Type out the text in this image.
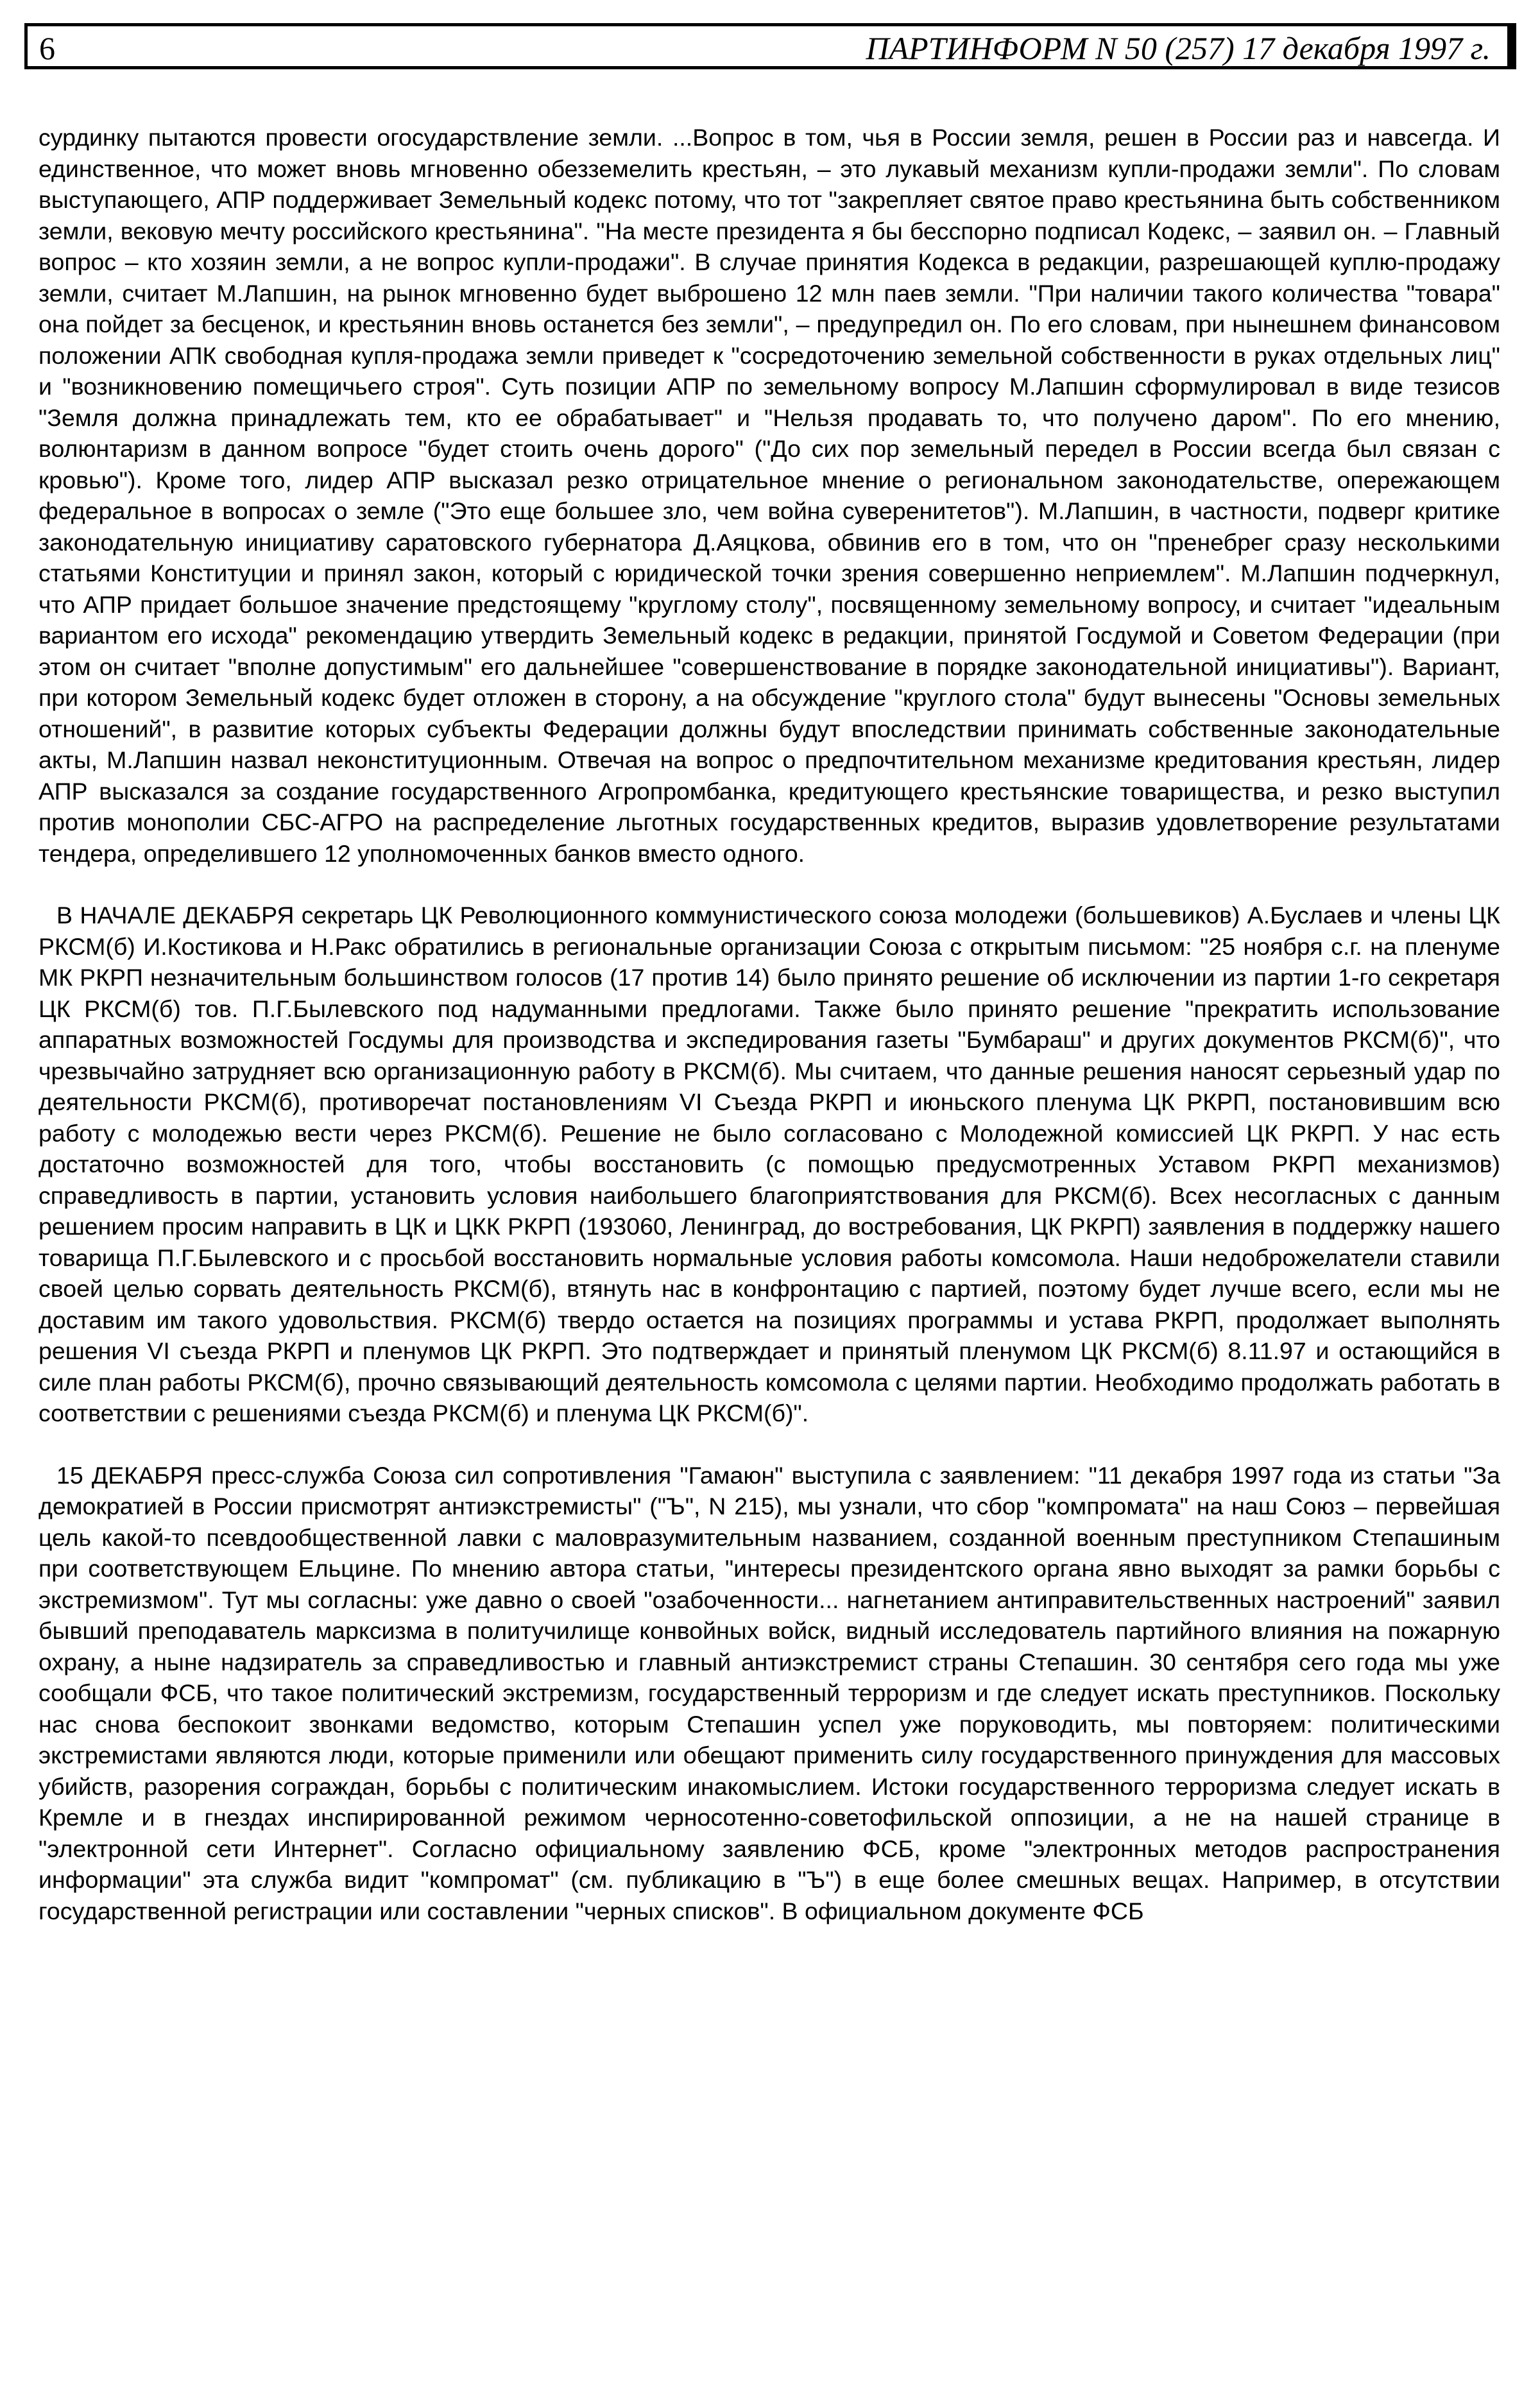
6	ПАРТИНФОРМ N 50 (257) 17 декабря 1997 г.

сурдинку пытаются провести огосударствление земли. ...Вопрос в том, чья в России земля, решен в России раз и навсегда. И единственное, что может вновь мгновенно обезземелить крестьян, – это лукавый механизм купли-продажи земли". По словам выступающего, АПР поддерживает Земельный кодекс потому, что тот "закрепляет святое право крестьянина быть собственником земли, вековую мечту российского крестьянина". "На месте президента я бы бесспорно подписал Кодекс, – заявил он. – Главный вопрос – кто хозяин земли, а не вопрос купли-продажи". В случае принятия Кодекса в редакции, разрешающей куплю-продажу земли, считает М.Лапшин, на рынок мгновенно будет выброшено 12 млн паев земли. "При наличии такого количества "товара" она пойдет за бесценок, и крестьянин вновь останется без земли", – предупредил он. По его словам, при нынешнем финансовом положении АПК свободная купля-продажа земли приведет к "сосредоточению земельной собственности в руках отдельных лиц" и "возникновению помещичьего строя". Суть позиции АПР по земельному вопросу М.Лапшин сформулировал в виде тезисов "Земля должна принадлежать тем, кто ее обрабатывает" и "Нельзя продавать то, что получено даром". По его мнению, волюнтаризм в данном вопросе "будет стоить очень дорого" ("До сих пор земельный передел в России всегда был связан с кровью"). Кроме того, лидер АПР высказал резко отрицательное мнение о региональном законодательстве, опережающем федеральное в вопросах о земле ("Это еще большее зло, чем война суверенитетов"). М.Лапшин, в частности, подверг критике законодательную инициативу саратовского губернатора Д.Аяцкова, обвинив его в том, что он "пренебрег сразу несколькими статьями Конституции и принял закон, который с юридической точки зрения совершенно неприемлем". М.Лапшин подчеркнул, что АПР придает большое значение предстоящему "круглому столу", посвященному земельному вопросу, и считает "идеальным вариантом его исхода" рекомендацию утвердить Земельный кодекс в редакции, принятой Госдумой и Советом Федерации (при этом он считает "вполне допустимым" его дальнейшее "совершенствование в порядке законодательной инициативы"). Вариант, при котором Земельный кодекс будет отложен в сторону, а на обсуждение "круглого стола" будут вынесены "Основы земельных отношений", в развитие которых субъекты Федерации должны будут впоследствии принимать собственные законодательные акты, М.Лапшин назвал неконституционным. Отвечая на вопрос о предпочтительном механизме кредитования крестьян, лидер АПР высказался за создание государственного Агропромбанка, кредитующего крестьянские товарищества, и резко выступил против монополии СБС-АГРО на распределение льготных государственных кредитов, выразив удовлетворение результатами тендера, определившего 12 уполномоченных банков вместо одного.

В НАЧАЛЕ ДЕКАБРЯ секретарь ЦК Революционного коммунистического союза молодежи (большевиков) А.Буслаев и члены ЦК РКСМ(б) И.Костикова и Н.Ракс обратились в региональные организации Союза с открытым письмом: "25 ноября с.г. на пленуме МК РКРП незначительным большинством голосов (17 против 14) было принято решение об исключении из партии 1-го секретаря ЦК РКСМ(б) тов. П.Г.Былевского под надуманными предлогами. Также было принято решение "прекратить использование аппаратных возможностей Госдумы для производства и экспедирования газеты "Бумбараш" и других документов РКСМ(б)", что чрезвычайно затрудняет всю организационную работу в РКСМ(б). Мы считаем, что данные решения наносят серьезный удар по деятельности РКСМ(б), противоречат постановлениям VI Съезда РКРП и июньского пленума ЦК РКРП, постановившим всю работу с молодежью вести через РКСМ(б). Решение не было согласовано с Молодежной комиссией ЦК РКРП. У нас есть достаточно возможностей для того, чтобы восстановить (с помощью предусмотренных Уставом РКРП механизмов) справедливость в партии, установить условия наибольшего благоприятствования для РКСМ(б). Всех несогласных с данным решением просим направить в ЦК и ЦКК РКРП (193060, Ленинград, до востребования, ЦК РКРП) заявления в поддержку нашего товарища П.Г.Былевского и с просьбой восстановить нормальные условия работы комсомола. Наши недоброжелатели ставили своей целью сорвать деятельность РКСМ(б), втянуть нас в конфронтацию с партией, поэтому будет лучше всего, если мы не доставим им такого удовольствия. РКСМ(б) твердо остается на позициях программы и устава РКРП, продолжает выполнять решения VI съезда РКРП и пленумов ЦК РКРП. Это подтверждает и принятый пленумом ЦК РКСМ(б) 8.11.97 и остающийся в силе план работы РКСМ(б), прочно связывающий деятельность комсомола с целями партии. Необходимо продолжать работать в соответствии с решениями съезда РКСМ(б) и пленума ЦК РКСМ(б)".

15 ДЕКАБРЯ пресс-служба Союза сил сопротивления "Гамаюн" выступила с заявлением: "11 декабря 1997 года из статьи "За демократией в России присмотрят антиэкстремисты" ("Ъ", N 215), мы узнали, что сбор "компромата" на наш Союз – первейшая цель какой-то псевдообщественной лавки с маловразумительным названием, созданной военным преступником Степашиным при соответствующем Ельцине. По мнению автора статьи, "интересы президентского органа явно выходят за рамки борьбы с экстремизмом". Тут мы согласны: уже давно о своей "озабоченности... нагнетанием антиправительственных настроений" заявил бывший преподаватель марксизма в политучилище конвойных войск, видный исследователь партийного влияния на пожарную охрану, а ныне надзиратель за справедливостью и главный антиэкстремист страны Степашин. 30 сентября сего года мы уже сообщали ФСБ, что такое политический экстремизм, государственный терроризм и где следует искать преступников. Поскольку нас снова беспокоит звонками ведомство, которым Степашин успел уже поруководить, мы повторяем: политическими экстремистами являются люди, которые применили или обещают применить силу государственного принуждения для массовых убийств, разорения сограждан, борьбы с политическим инакомыслием. Истоки государственного терроризма следует искать в Кремле и в гнездах инспирированной режимом черносотенно-советофильской оппозиции, а не на нашей странице в "электронной сети Интернет". Согласно официальному заявлению ФСБ, кроме "электронных методов распространения информации" эта служба видит "компромат" (см. публикацию в "Ъ") в еще более смешных вещах. Например, в отсутствии государственной регистрации или составлении "черных списков". В официальном документе ФСБ
